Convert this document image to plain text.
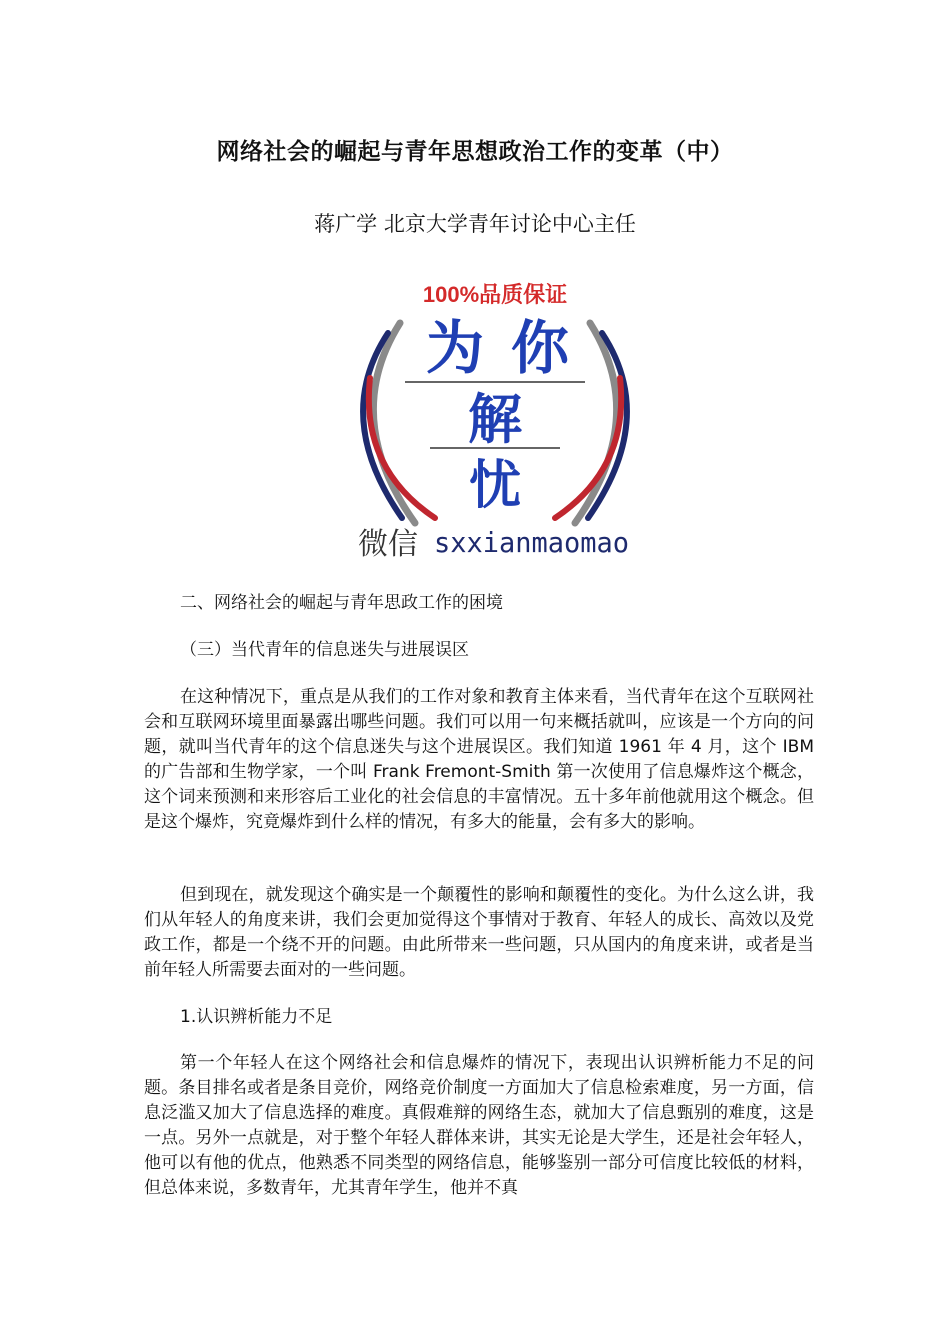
网络社会的崛起与青年思想政治工作的变革（中）
蒋广学 北京大学青年讨论中心主任
100%品质保证
为 你
解
忧
微信 sxxianmaomao
二、网络社会的崛起与青年思政工作的困境
（三）当代青年的信息迷失与进展误区

在这种情况下，重点是从我们的工作对象和教育主体来看，当代青年在这个互联网社会和互联网环境里面暴露出哪些问题。我们可以用一句来概括就叫，应该是一个方向的问题，就叫当代青年的这个信息迷失与这个进展误区。我们知道 1961 年 4 月，这个 IBM 的广告部和生物学家，一个叫 Frank Fremont-Smith 第一次使用了信息爆炸这个概念，这个词来预测和来形容后工业化的社会信息的丰富情况。五十多年前他就用这个概念。但是这个爆炸，究竟爆炸到什么样的情况，有多大的能量，会有多大的影响。

但到现在，就发现这个确实是一个颠覆性的影响和颠覆性的变化。为什么这么讲，我们从年轻人的角度来讲，我们会更加觉得这个事情对于教育、年轻人的成长、高效以及党政工作，都是一个绕不开的问题。由此所带来一些问题，只从国内的角度来讲，或者是当前年轻人所需要去面对的一些问题。

1.认识辨析能力不足

第一个年轻人在这个网络社会和信息爆炸的情况下，表现出认识辨析能力不足的问题。条目排名或者是条目竞价，网络竞价制度一方面加大了信息检索难度，另一方面，信息泛滥又加大了信息选择的难度。真假难辩的网络生态，就加大了信息甄别的难度，这是一点。另外一点就是，对于整个年轻人群体来讲，其实无论是大学生，还是社会年轻人，他可以有他的优点，他熟悉不同类型的网络信息，能够鉴别一部分可信度比较低的材料，但总体来说，多数青年，尤其青年学生，他并不真
